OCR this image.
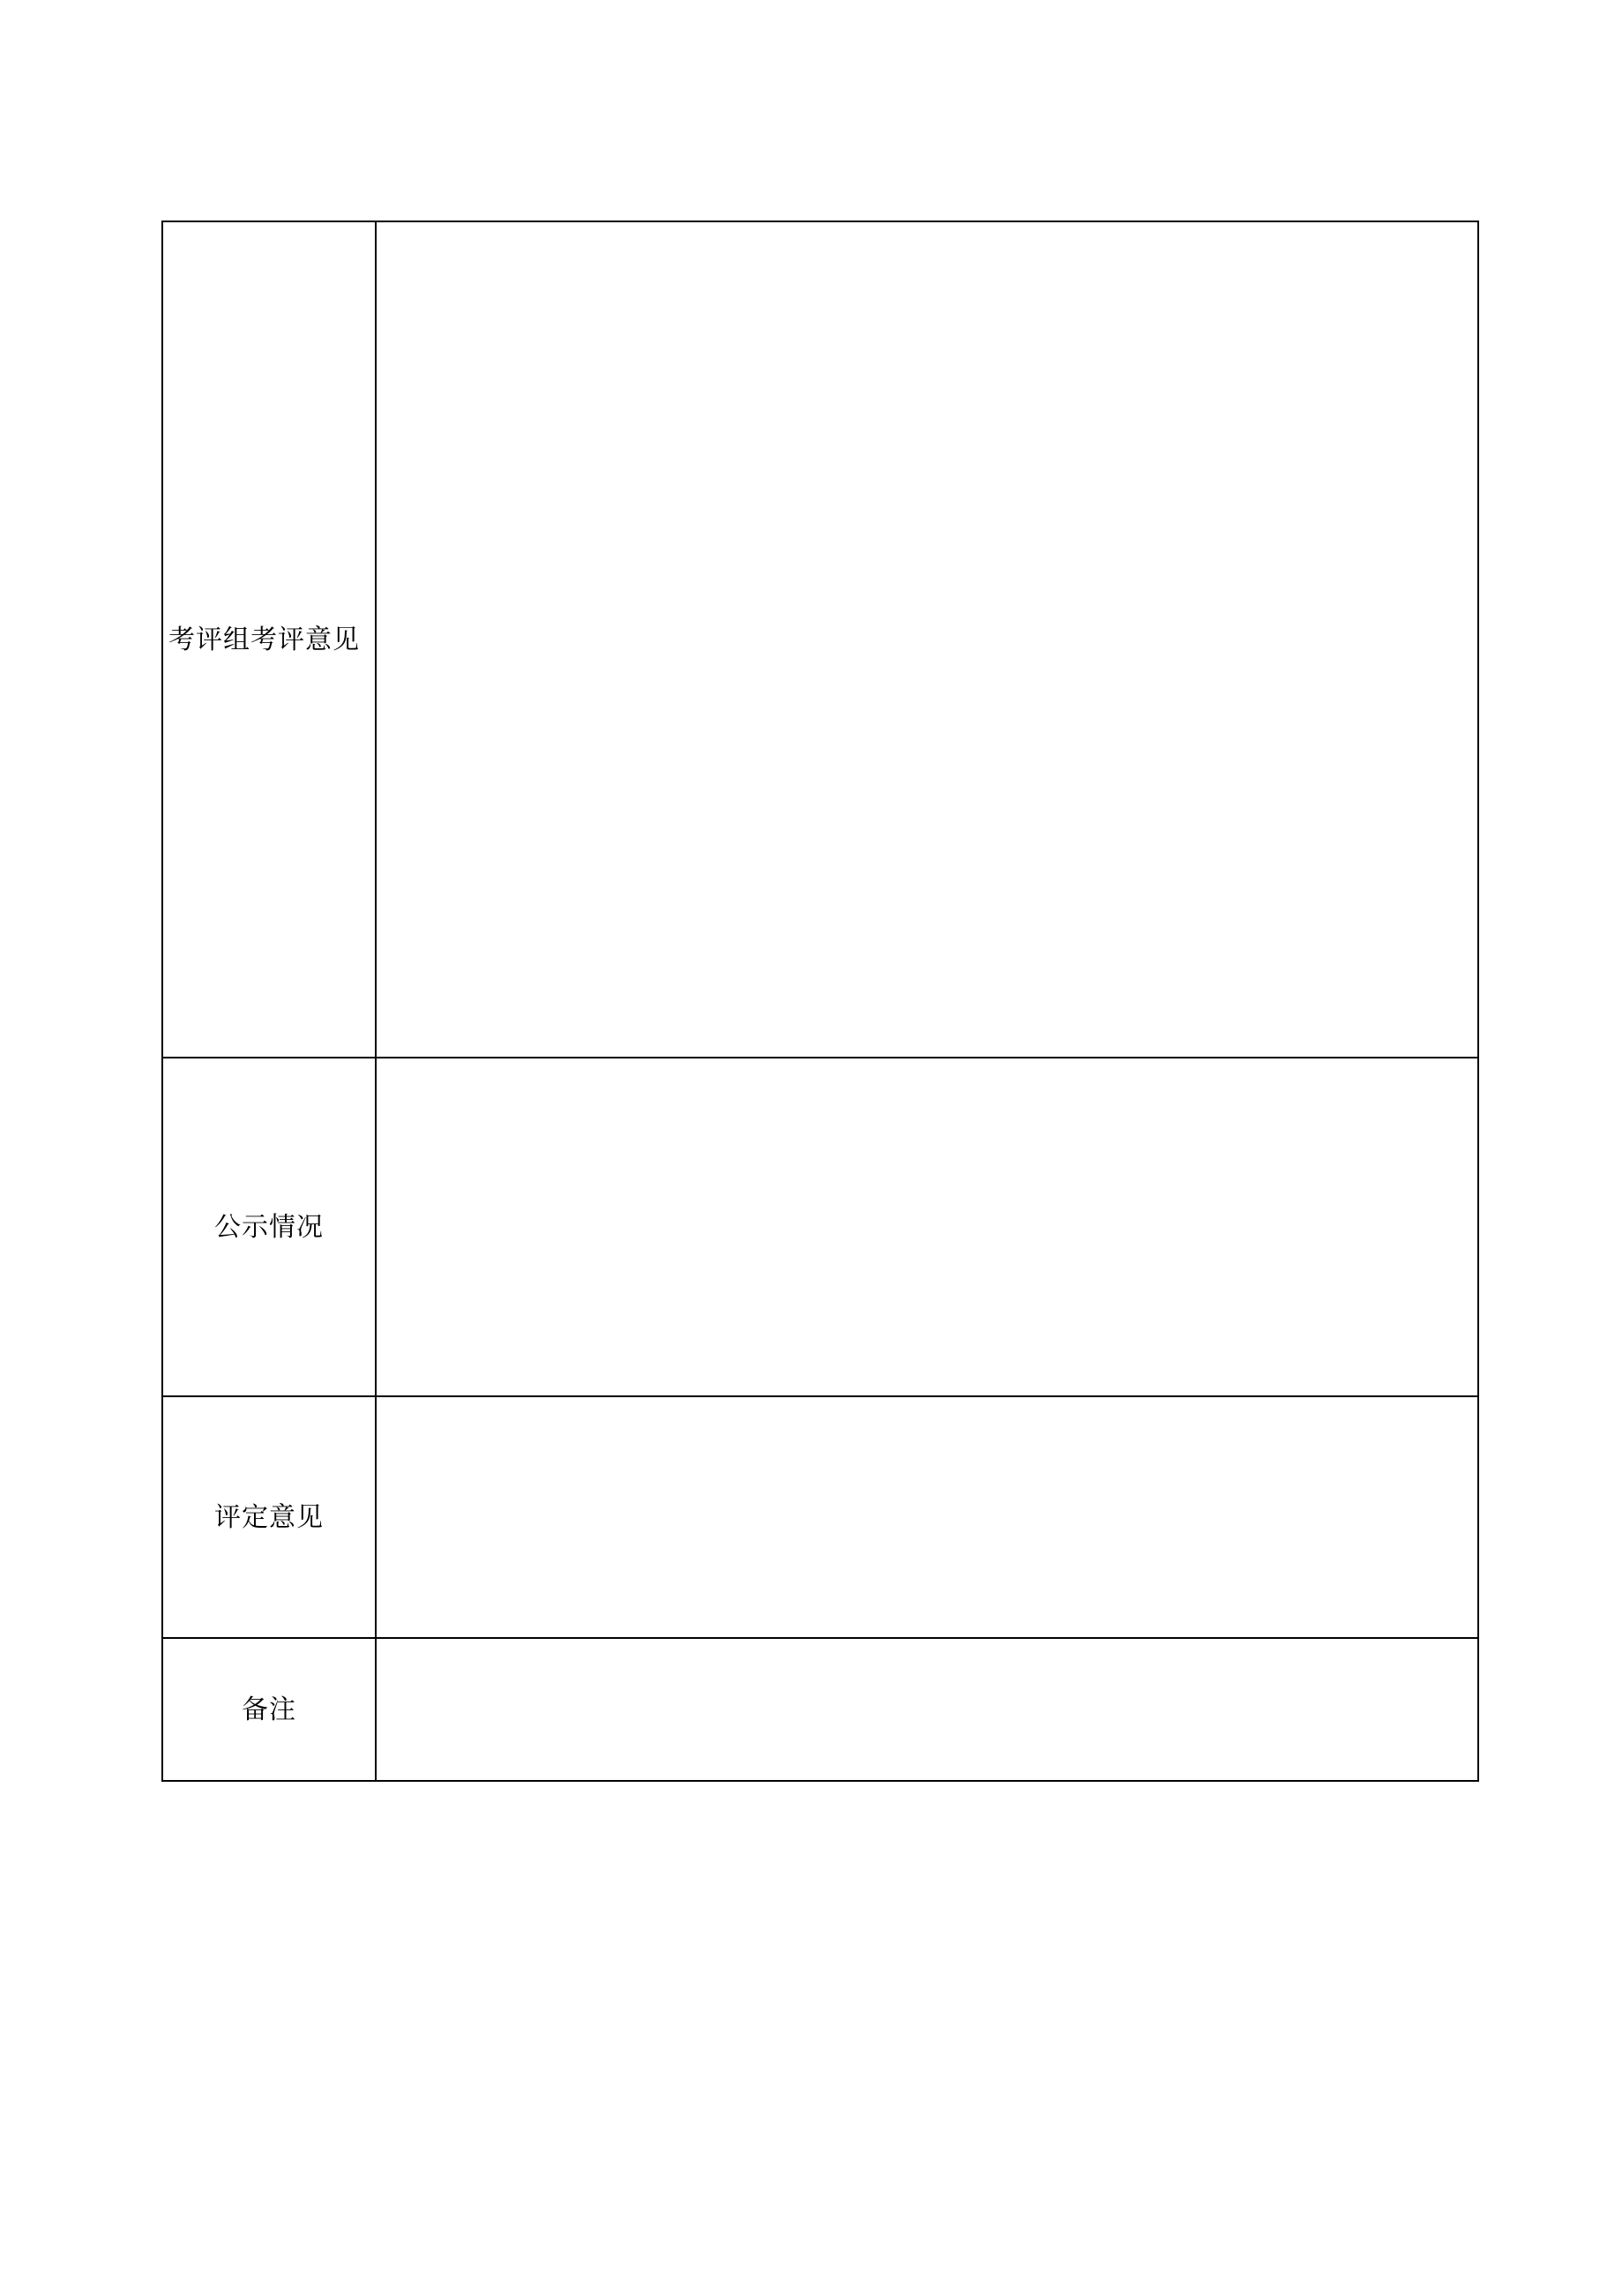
考评组考评意见	

公示情况	

评定意见	

备注	
